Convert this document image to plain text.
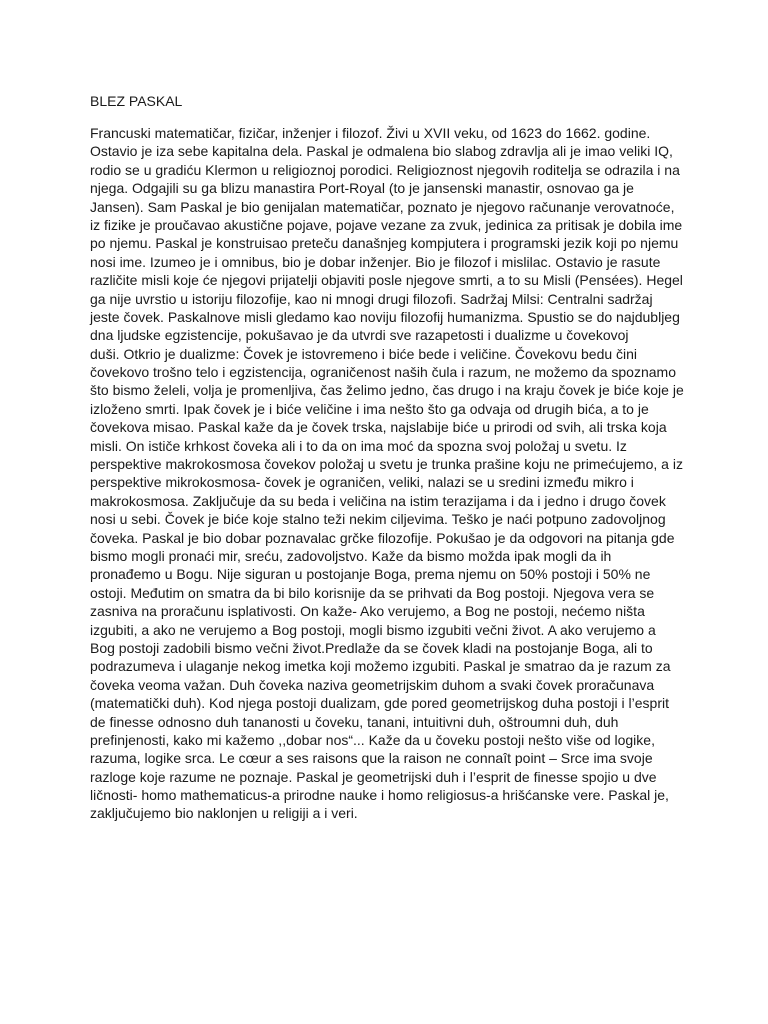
BLEZ PASKAL
Francuski matematičar, fizičar, inženjer i filozof. Živi u XVII veku, od 1623 do 1662. godine.
Ostavio je iza sebe kapitalna dela. Paskal je odmalena bio slabog zdravlja ali je imao veliki IQ,
rodio se u gradiću Klermon u religioznoj porodici. Religioznost njegovih roditelja se odrazila i na
njega. Odgajili su ga blizu manastira Port-Royal (to je jansenski manastir, osnovao ga je
Jansen). Sam Paskal je bio genijalan matematičar, poznato je njegovo računanje verovatnoće,
iz fizike je proučavao akustične pojave, pojave vezane za zvuk, jedinica za pritisak je dobila ime
po njemu. Paskal je konstruisao preteču današnjeg kompjutera i programski jezik koji po njemu
nosi ime. Izumeo je i omnibus, bio je dobar inženjer. Bio je filozof i mislilac. Ostavio je rasute
različite misli koje će njegovi prijatelji objaviti posle njegove smrti, a to su Misli (Pensées). Hegel
ga nije uvrstio u istoriju filozofije, kao ni mnogi drugi filozofi. Sadržaj Milsi: Centralni sadržaj
jeste čovek. Paskalnove misli gledamo kao noviju filozofij humanizma. Spustio se do najdubljeg
dna ljudske egzistencije, pokušavao je da utvrdi sve razapetosti i dualizme u čovekovoj
duši. Otkrio je dualizme: Čovek je istovremeno i biće bede i veličine. Čovekovu bedu čini
čovekovo trošno telo i egzistencija, ograničenost naših čula i razum, ne možemo da spoznamo
što bismo želeli, volja je promenljiva, čas želimo jedno, čas drugo i na kraju čovek je biće koje je
izloženo smrti. Ipak čovek je i biće veličine i ima nešto što ga odvaja od drugih bića, a to je
čovekova misao. Paskal kaže da je čovek trska, najslabije biće u prirodi od svih, ali trska koja
misli. On ističe krhkost čoveka ali i to da on ima moć da spozna svoj položaj u svetu. Iz
perspektive makrokosmosa čovekov položaj u svetu je trunka prašine koju ne primećujemo, a iz
perspektive mikrokosmosa- čovek je ograničen, veliki, nalazi se u sredini između mikro i
makrokosmosa. Zaključuje da su beda i veličina na istim terazijama i da i jedno i drugo čovek
nosi u sebi. Čovek je biće koje stalno teži nekim ciljevima. Teško je naći potpuno zadovoljnog
čoveka. Paskal je bio dobar poznavalac grčke filozofije. Pokušao je da odgovori na pitanja gde
bismo mogli pronaći mir, sreću, zadovoljstvo. Kaže da bismo možda ipak mogli da ih
pronađemo u Bogu. Nije siguran u postojanje Boga, prema njemu on 50% postoji i 50% ne
ostoji. Međutim on smatra da bi bilo korisnije da se prihvati da Bog postoji. Njegova vera se
zasniva na proračunu isplativosti. On kaže- Ako verujemo, a Bog ne postoji, nećemo ništa
izgubiti, a ako ne verujemo a Bog postoji, mogli bismo izgubiti večni život. A ako verujemo a
Bog postoji zadobili bismo večni život.Predlaže da se čovek kladi na postojanje Boga, ali to
podrazumeva i ulaganje nekog imetka koji možemo izgubiti. Paskal je smatrao da je razum za
čoveka veoma važan. Duh čoveka naziva geometrijskim duhom a svaki čovek proračunava
(matematički duh). Kod njega postoji dualizam, gde pored geometrijskog duha postoji i l’esprit
de finesse odnosno duh tananosti u čoveku, tanani, intuitivni duh, oštroumni duh, duh
prefinjenosti, kako mi kažemo ,,dobar nos“... Kaže da u čoveku postoji nešto više od logike,
razuma, logike srca. Le cœur a ses raisons que la raison ne connaît point – Srce ima svoje
razloge koje razume ne poznaje. Paskal je geometrijski duh i l’esprit de finesse spojio u dve
ličnosti- homo mathematicus-a prirodne nauke i homo religiosus-a hrišćanske vere. Paskal je,
zaključujemo bio naklonjen u religiji a i veri.
